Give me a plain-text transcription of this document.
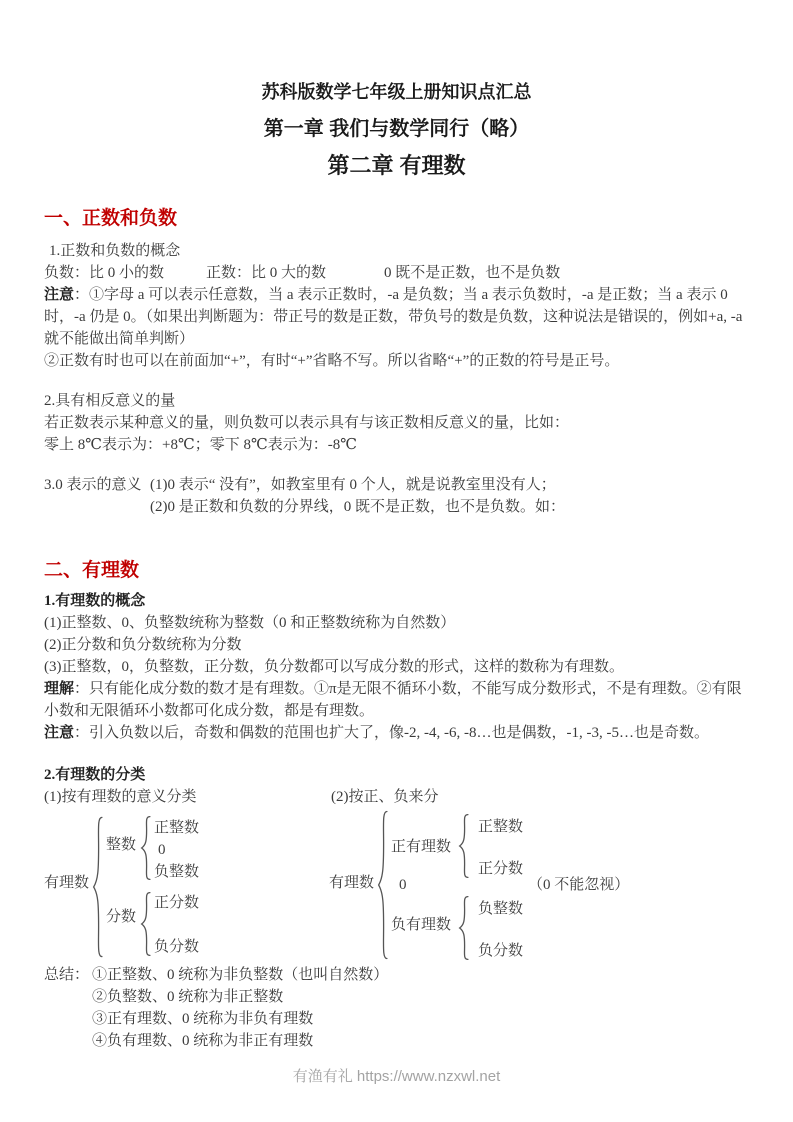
苏科版数学七年级上册知识点汇总
第一章 我们与数学同行（略）
第二章 有理数
一、正数和负数
1.正数和负数的概念
负数：比 0 小的数	正数：比 0 大的数	0 既不是正数，也不是负数
注意：①字母 a 可以表示任意数，当 a 表示正数时，-a 是负数；当 a 表示负数时，-a 是正数；当 a 表示 0 时，-a 仍是 0。（如果出判断题为：带正号的数是正数，带负号的数是负数，这种说法是错误的，例如+a, -a 就不能做出简单判断）
②正数有时也可以在前面加“+”，有时“+”省略不写。所以省略“+”的正数的符号是正号。
2.具有相反意义的量
若正数表示某种意义的量，则负数可以表示具有与该正数相反意义的量，比如：
零上 8℃表示为：+8℃；零下 8℃表示为：-8℃
3.0 表示的意义 (1)0 表示“ 没有”，如教室里有 0 个人，就是说教室里没有人；
(2)0 是正数和负数的分界线，0 既不是正数，也不是负数。如：
二、有理数
1.有理数的概念
(1)正整数、0、负整数统称为整数（0 和正整数统称为自然数）
(2)正分数和负分数统称为分数
(3)正整数，0，负整数，正分数，负分数都可以写成分数的形式，这样的数称为有理数。
理解：只有能化成分数的数才是有理数。①π是无限不循环小数，不能写成分数形式，不是有理数。②有限小数和无限循环小数都可化成分数，都是有理数。
注意：引入负数以后，奇数和偶数的范围也扩大了，像-2, -4, -6, -8…也是偶数，-1, -3, -5…也是奇数。
2.有理数的分类
(1)按有理数的意义分类	(2)按正、负来分
有理数
整数
正整数
0
负整数
分数
正分数
负分数
有理数
正有理数
正整数
正分数
0	（0 不能忽视）
负有理数
负整数
负分数
总结： ①正整数、0 统称为非负整数（也叫自然数）
②负整数、0 统称为非正整数
③正有理数、0 统称为非负有理数
④负有理数、0 统称为非正有理数
有渔有礼 https://www.nzxwl.net
